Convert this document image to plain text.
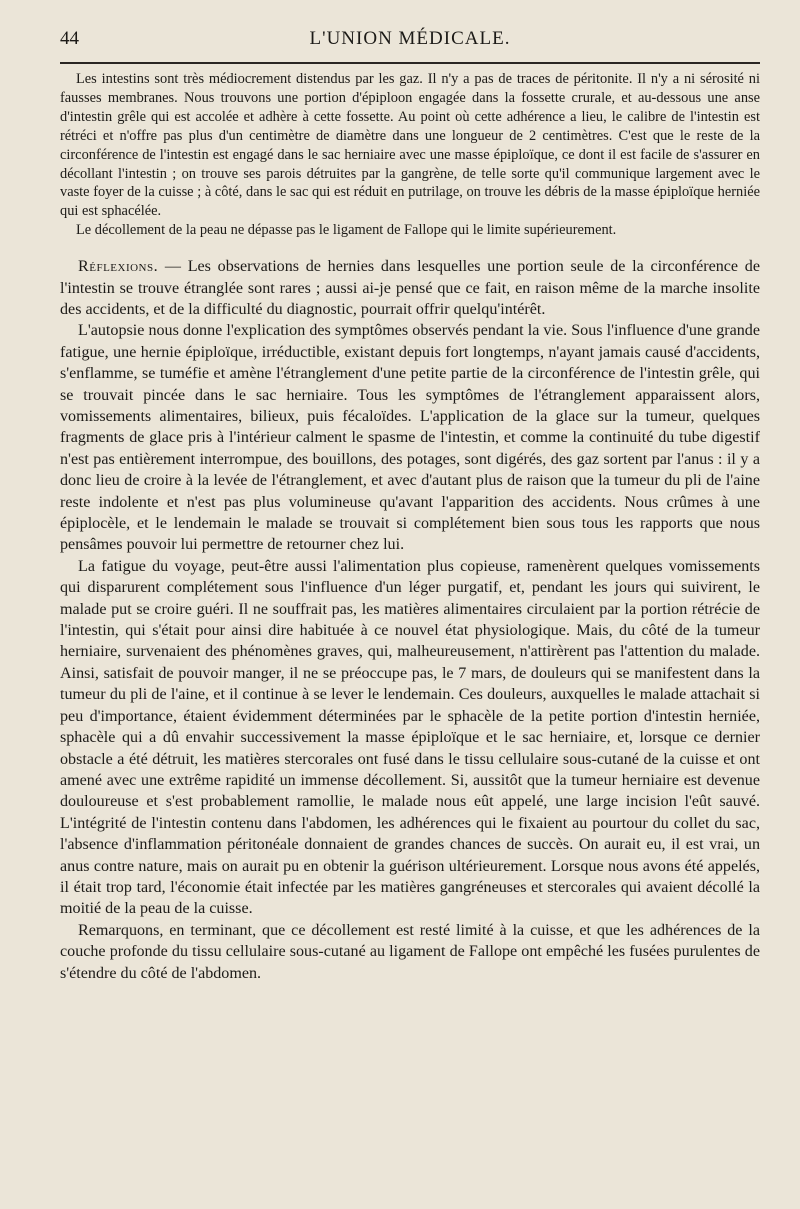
44	L'UNION MÉDICALE.

Les intestins sont très médiocrement distendus par les gaz. Il n'y a pas de traces de péritonite. Il n'y a ni sérosité ni fausses membranes. Nous trouvons une portion d'épiploon engagée dans la fossette crurale, et au-dessous une anse d'intestin grêle qui est accolée et adhère à cette fossette. Au point où cette adhérence a lieu, le calibre de l'intestin est rétréci et n'offre pas plus d'un centimètre de diamètre dans une longueur de 2 centimètres. C'est que le reste de la circonférence de l'intestin est engagé dans le sac herniaire avec une masse épiploïque, ce dont il est facile de s'assurer en décollant l'intestin ; on trouve ses parois détruites par la gangrène, de telle sorte qu'il communique largement avec le vaste foyer de la cuisse ; à côté, dans le sac qui est réduit en putrilage, on trouve les débris de la masse épiploïque herniée qui est sphacélée.

Le décollement de la peau ne dépasse pas le ligament de Fallope qui le limite supérieurement.

Réflexions. — Les observations de hernies dans lesquelles une portion seule de la circonférence de l'intestin se trouve étranglée sont rares ; aussi ai-je pensé que ce fait, en raison même de la marche insolite des accidents, et de la difficulté du diagnostic, pourrait offrir quelqu'intérêt.

L'autopsie nous donne l'explication des symptômes observés pendant la vie. Sous l'influence d'une grande fatigue, une hernie épiploïque, irréductible, existant depuis fort longtemps, n'ayant jamais causé d'accidents, s'enflamme, se tuméfie et amène l'étranglement d'une petite partie de la circonférence de l'intestin grêle, qui se trouvait pincée dans le sac herniaire. Tous les symptômes de l'étranglement apparaissent alors, vomissements alimentaires, bilieux, puis fécaloïdes. L'application de la glace sur la tumeur, quelques fragments de glace pris à l'intérieur calment le spasme de l'intestin, et comme la continuité du tube digestif n'est pas entièrement interrompue, des bouillons, des potages, sont digérés, des gaz sortent par l'anus : il y a donc lieu de croire à la levée de l'étranglement, et avec d'autant plus de raison que la tumeur du pli de l'aine reste indolente et n'est pas plus volumineuse qu'avant l'apparition des accidents. Nous crûmes à une épiplocèle, et le lendemain le malade se trouvait si complétement bien sous tous les rapports que nous pensâmes pouvoir lui permettre de retourner chez lui.

La fatigue du voyage, peut-être aussi l'alimentation plus copieuse, ramenèrent quelques vomissements qui disparurent complétement sous l'influence d'un léger purgatif, et, pendant les jours qui suivirent, le malade put se croire guéri. Il ne souffrait pas, les matières alimentaires circulaient par la portion rétrécie de l'intestin, qui s'était pour ainsi dire habituée à ce nouvel état physiologique. Mais, du côté de la tumeur herniaire, survenaient des phénomènes graves, qui, malheureusement, n'attirèrent pas l'attention du malade. Ainsi, satisfait de pouvoir manger, il ne se préoccupe pas, le 7 mars, de douleurs qui se manifestent dans la tumeur du pli de l'aine, et il continue à se lever le lendemain. Ces douleurs, auxquelles le malade attachait si peu d'importance, étaient évidemment déterminées par le sphacèle de la petite portion d'intestin herniée, sphacèle qui a dû envahir successivement la masse épiploïque et le sac herniaire, et, lorsque ce dernier obstacle a été détruit, les matières stercorales ont fusé dans le tissu cellulaire sous-cutané de la cuisse et ont amené avec une extrême rapidité un immense décollement. Si, aussitôt que la tumeur herniaire est devenue douloureuse et s'est probablement ramollie, le malade nous eût appelé, une large incision l'eût sauvé. L'intégrité de l'intestin contenu dans l'abdomen, les adhérences qui le fixaient au pourtour du collet du sac, l'absence d'inflammation péritonéale donnaient de grandes chances de succès. On aurait eu, il est vrai, un anus contre nature, mais on aurait pu en obtenir la guérison ultérieurement. Lorsque nous avons été appelés, il était trop tard, l'économie était infectée par les matières gangréneuses et stercorales qui avaient décollé la moitié de la peau de la cuisse.

Remarquons, en terminant, que ce décollement est resté limité à la cuisse, et que les adhérences de la couche profonde du tissu cellulaire sous-cutané au ligament de Fallope ont empêché les fusées purulentes de s'étendre du côté de l'abdomen.
